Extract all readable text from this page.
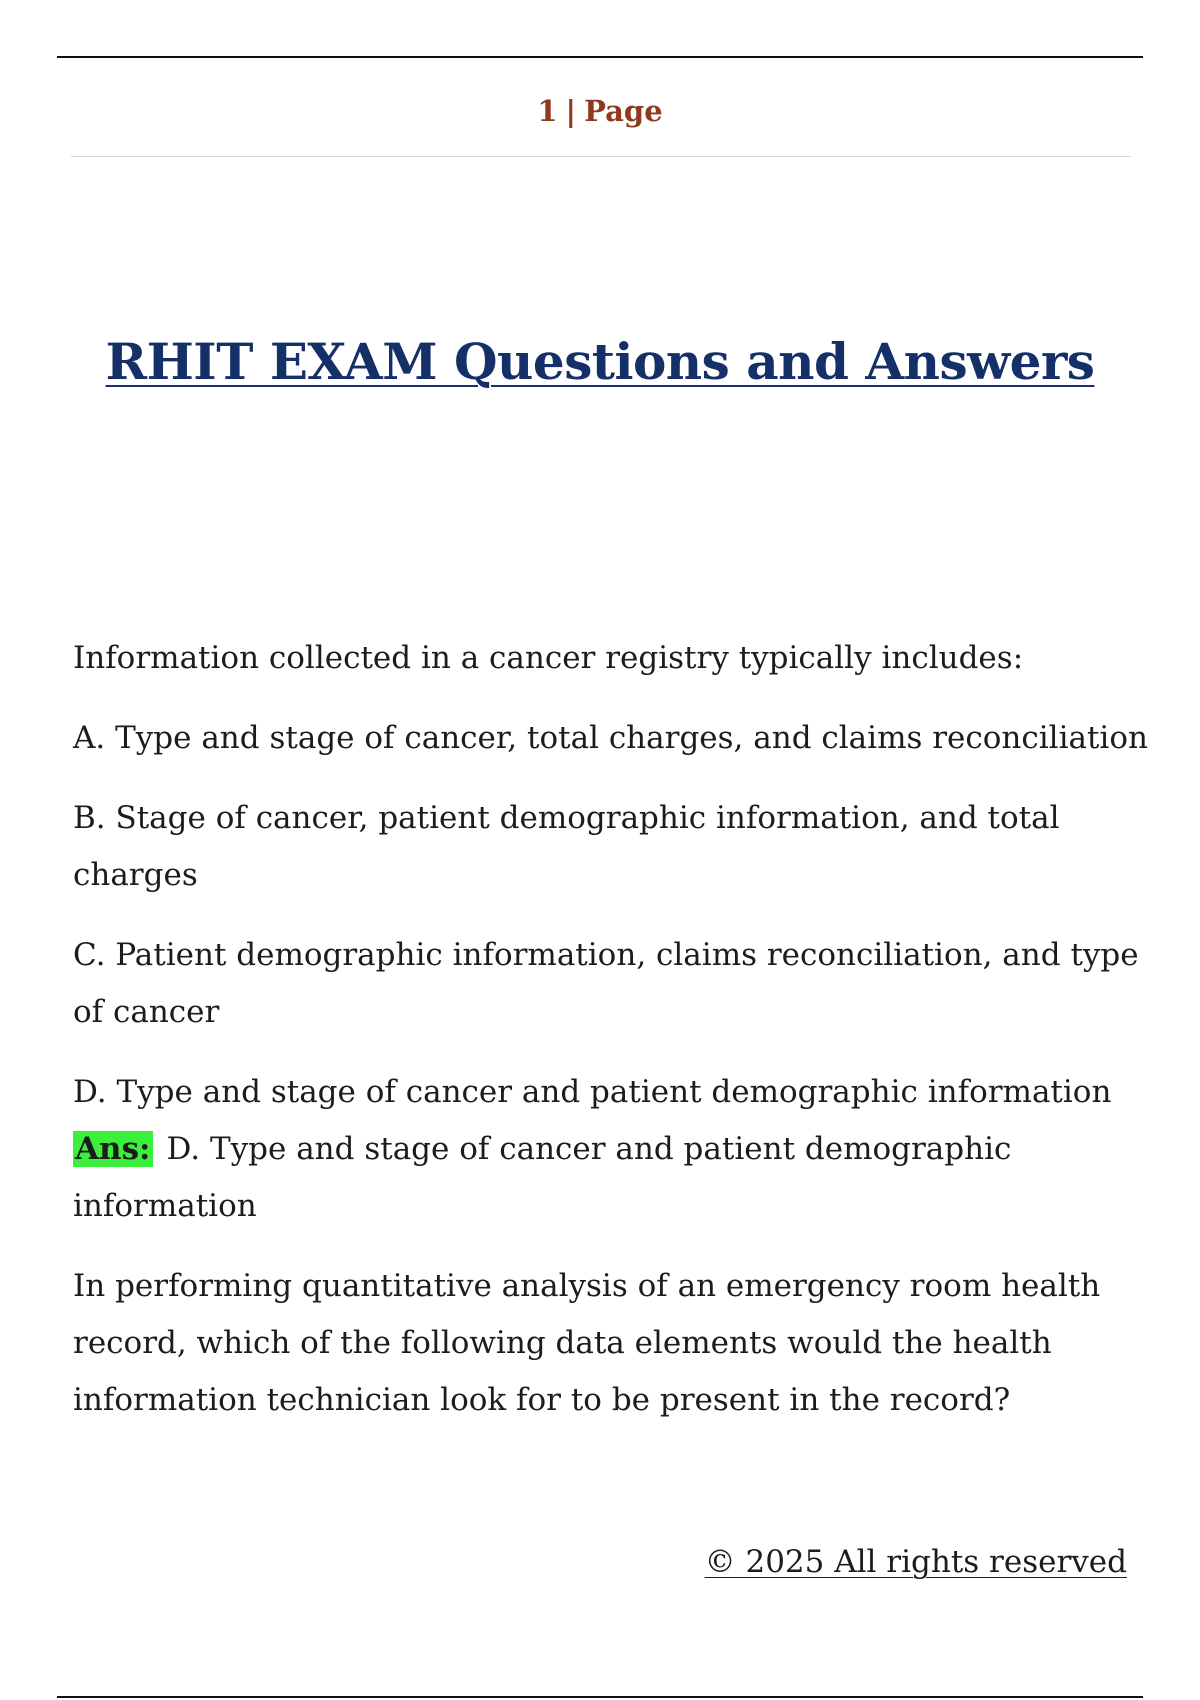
1 | Page
RHIT EXAM Questions and Answers

Information collected in a cancer registry typically includes:

A. Type and stage of cancer, total charges, and claims reconciliation

B. Stage of cancer, patient demographic information, and total charges

C. Patient demographic information, claims reconciliation, and type of cancer

D. Type and stage of cancer and patient demographic information

Ans: D. Type and stage of cancer and patient demographic information

In performing quantitative analysis of an emergency room health record, which of the following data elements would the health information technician look for to be present in the record?

© 2025 All rights reserved
